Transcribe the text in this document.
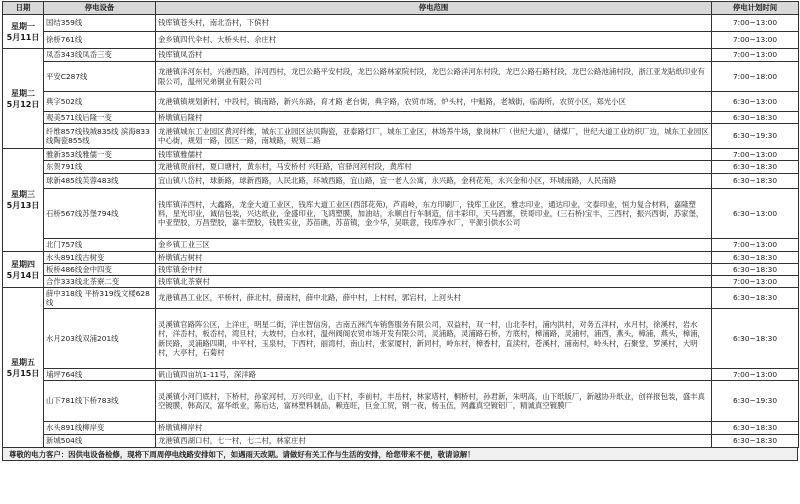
日期	停电设备	停电范围	停电计划时间

星期一
5月11日	国结359线	钱库镇苍头村，南北岙村，下傧村	7:00~13:00
	徐桥761线	金乡镇四代伞村、大桥头村、佘庄村	7:00~13:00

星期二
5月12日	凤岙343线凤岙三变	钱库镇凤岙村	7:00~13:00
	平安C287线	龙港镇洋河东村，兴港西路，洋河西村，龙巴公路平安村段，龙巴公路林家院村段，龙巴公路洋河东村段，龙巴公路石路村段，龙巴公路池浦村段，浙江亚龙貼纸印业有限公司，温州兄弟铜业有限公司	7:00~18:00
	典字502线	龙港镇镇规划新村，中段村，镇南路，新兴东路，育才路 老台街，典字路，农贸市场，炉头村，中魁路，老城街，临海所，农贸小区，郑光小区	6:30~13:00
	观美571线后隆一变	桥墩镇后隆村	6:30~18:30
	纤维857线钱城835线 滨海833线陶瓷855线	龙港镇城东工业园区黄河纤维，城东工业园区法贝陶瓷，亚泰路灯厂，城东工业区，林场养牛场，象岗林厂（世纪大道），储煤厂，世纪大道工业纺织厂边，城东工业园区中心街，规划一路，园区一路，南城路，规划二路	6:30~19:30

星期三
5月13日	雅新353线雅儒一变	钱库镇雅儒村	7:00~13:00
	东贺791线	龙港镇贺前村，夏口塘村，黄东村，马安桥村 兴旺路，官驿河河村段，黄库村	6:30~18:30
	球新485线芙蓉483线	宜山镇八岱村，球新路，球新西路，人民北路，环城西路，宜山路，宜一老人公寓，永兴路，金利花苑，永兴金和小区，环城南路，人民南路	6:30~18:30
	石桥567线苏堡794线	钱库镇洋西村，大鑫路，龙金大道工业区，钱库大道工业区(西部花苑)，芦雨岭，东方印刷厂，钱库工业区，雅志印业，通达印业，文泰印业，恒力复合材料，嘉隆塑料，星光印业，诚信包装，兴达纸业，金盛印业，飞鸿塑膜，加油站，永顺自行车制造，信丰彩印，天马酒塞，铁哥印业，(三石桥)宝丰，三西村，振兴西街，苏家堡，中亚塑胶，万昌塑胶，嘉丰塑胶，钱胜实业，苏苗礁，苏苗镇，金少华，吴联意，钱库净水厂，平源引供水公司	6:30~13:00
	北门757线	金乡镇工业三区	7:00~13:00

星期四
5月14日	水头891线古树变	桥墩镇古树村	6:30~18:30
	板桥486线金中四变	钱库镇金中村	6:30~18:30
	合作333线北茶寮二变	钱库镇北茶寮村	7:00~13:00

星期五
5月15日	薛中318线 平桥319线文楼628线	龙港镇昌工业区，平桥村，薛北村，薛南村，薛中北路，薛中村，上村村，郭宕村，上河头村	6:30~18:30
	水月203线双浦201线	灵溪镇官路阵公区，上洋庄，明星二街，洋庄智信房，古南五洲汽车销售服务有限公司，双益村，双一村，山北李村，浦内洪村，对务五洋村，水月村，徐溪村，岩水村，洋岙村，板岙村，湾旦村，大坡村，白水村，温州阀阁农贸市场开发有限公司，灵浦路，灵浦路石桥，方底村，樟浦路，灵浦村，浦西，燕头，樟浦，燕头，樟浦，新民路，灵浦路四期，中平村，玉泉村，下西村，丽湾村，南山村，张家厦村，新同村，岭东村，樟香村，直渎村，苍溪村，浦南村，岭头村，石聚堂，罗溪村，大明村，大亭村，石菊村	6:30~18:30
	埔坪764线	矾山镇四亩坑1-11号，深洋路	7:00~13:00
	山下781线下桥783线	灵溪镇小河门底村，下桥村，孙家河村，万兴印业，山下村，李前村，丰岳村，林家塔村，桐桥村，孙君新，朱明高，山下纸版厂，新越协升纸业，创祥报包装，盛丰真空镀膜，韩高汉，富华纸业，陈后达，富林塑料制品，赖连旺，巨金工贸，钢一夜，杨玉伍，网鑫真空镀铝厂，精诚真空镀膜厂	6:30~19:30
	水头891线柳岸变	桥墩镇柳岸村	6:30~18:30
	新城504线	龙港镇西湖口村，七一村，七二村，林家庄村	6:30~18:30
尊敬的电力客户：因供电设备检修，现将下周周停电线路安排如下，如遇雨天改期。请做好有关工作与生活的安排，给您带来不便，敬请谅解！
